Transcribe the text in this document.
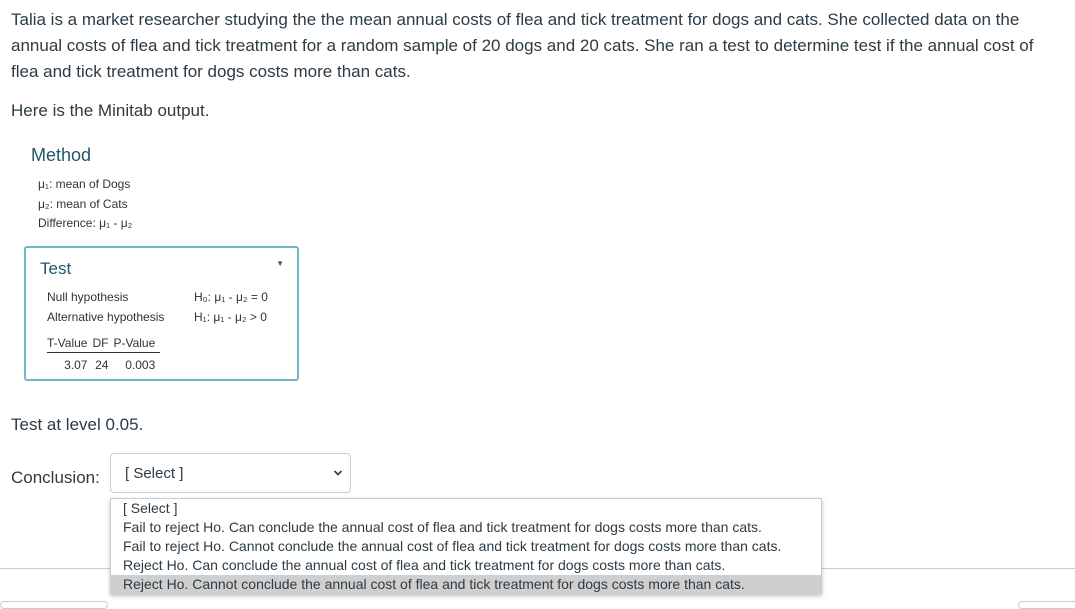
Talia is a market researcher studying the the mean annual costs of flea and tick treatment for dogs and cats. She collected data on the
annual costs of flea and tick treatment for a random sample of 20 dogs and 20 cats. She ran a test to determine test if the annual cost of
flea and tick treatment for dogs costs more than cats.
Here is the Minitab output.
Method
μ₁: mean of Dogs
μ₂: mean of Cats
Difference: μ₁ - μ₂
Test	▼
Null hypothesis	H₀: μ₁ - μ₂ = 0
Alternative hypothesis H₁: μ₁ - μ₂ > 0
T-Value	DF	P-Value
3.07	24	0.003
Test at level 0.05.
Conclusion: [ Select ]
[ Select ]
Fail to reject Ho. Can conclude the annual cost of flea and tick treatment for dogs costs more than cats.
Fail to reject Ho. Cannot conclude the annual cost of flea and tick treatment for dogs costs more than cats.
Reject Ho. Can conclude the annual cost of flea and tick treatment for dogs costs more than cats.
Reject Ho. Cannot conclude the annual cost of flea and tick treatment for dogs costs more than cats.
